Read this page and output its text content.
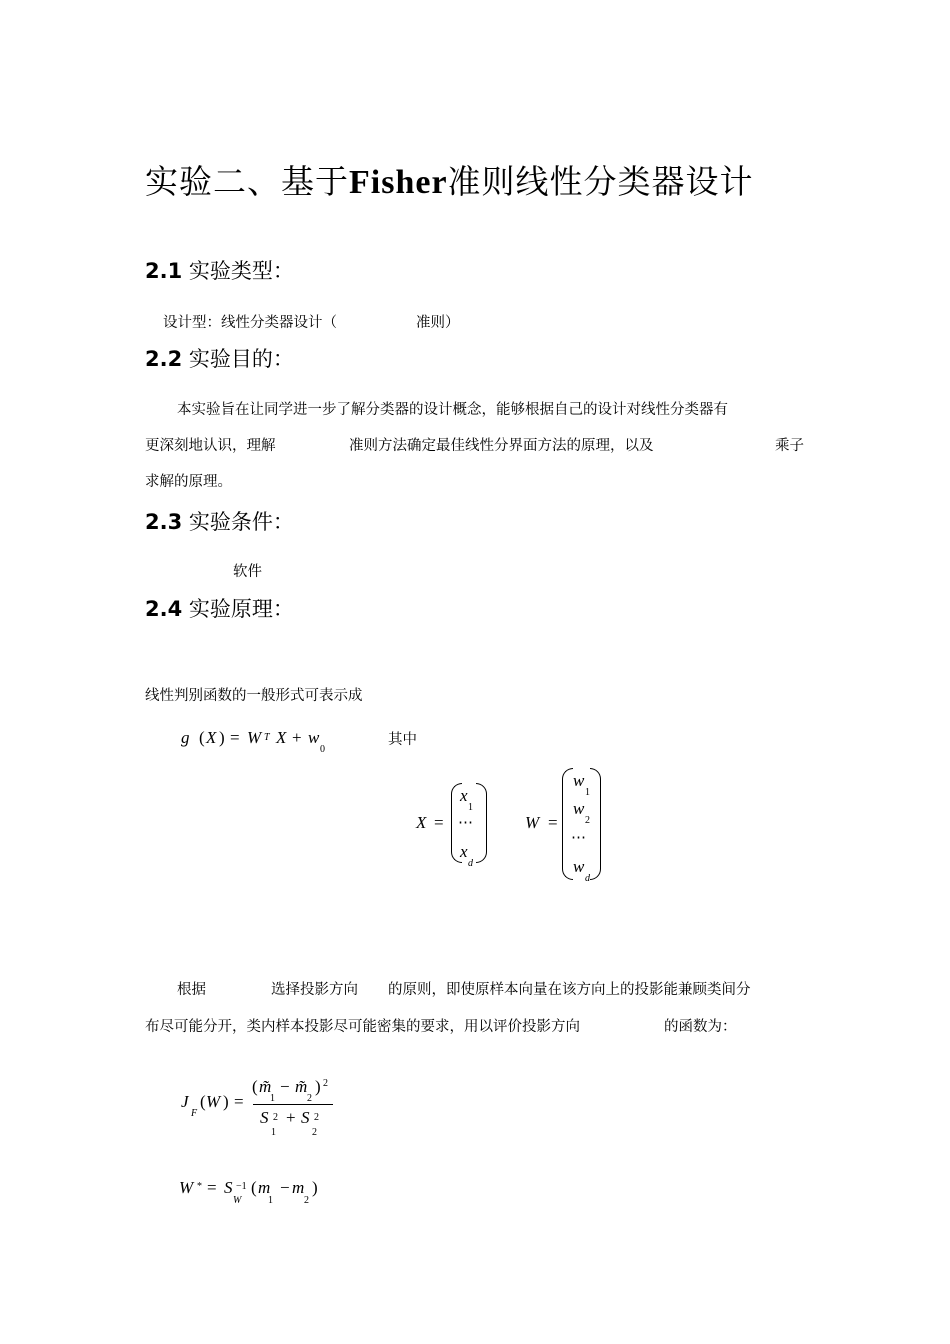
实验二、基于Fisher准则线性分类器设计
2.1 实验类型：
设计型：线性分类器设计（	准则）
2.2 实验目的：
本实验旨在让同学进一步了解分类器的设计概念，能够根据自己的设计对线性分类器有
更深刻地认识，理解	准则方法确定最佳线性分界面方法的原理，以及	乘子
求解的原理。
2.3 实验条件：
软件
2.4 实验原理：
线性判别函数的一般形式可表示成
g ( X ) = W T X + w
0
其中
X =
x
1
⋯
x
d
W =
w
1
w
2
⋯
w
d
根据	选择投影方向 的原则，即使原样本向量在该方向上的投影能兼顾类间分
布尽可能分开，类内样本投影尽可能密集的要求，用以评价投影方向	的函数为：
J
F
( W ) =
( m̃
1
− m̃
2
) 2
S 2
1
+ S 2
2
W * = S −1
W
( m
1
− m
2
)
